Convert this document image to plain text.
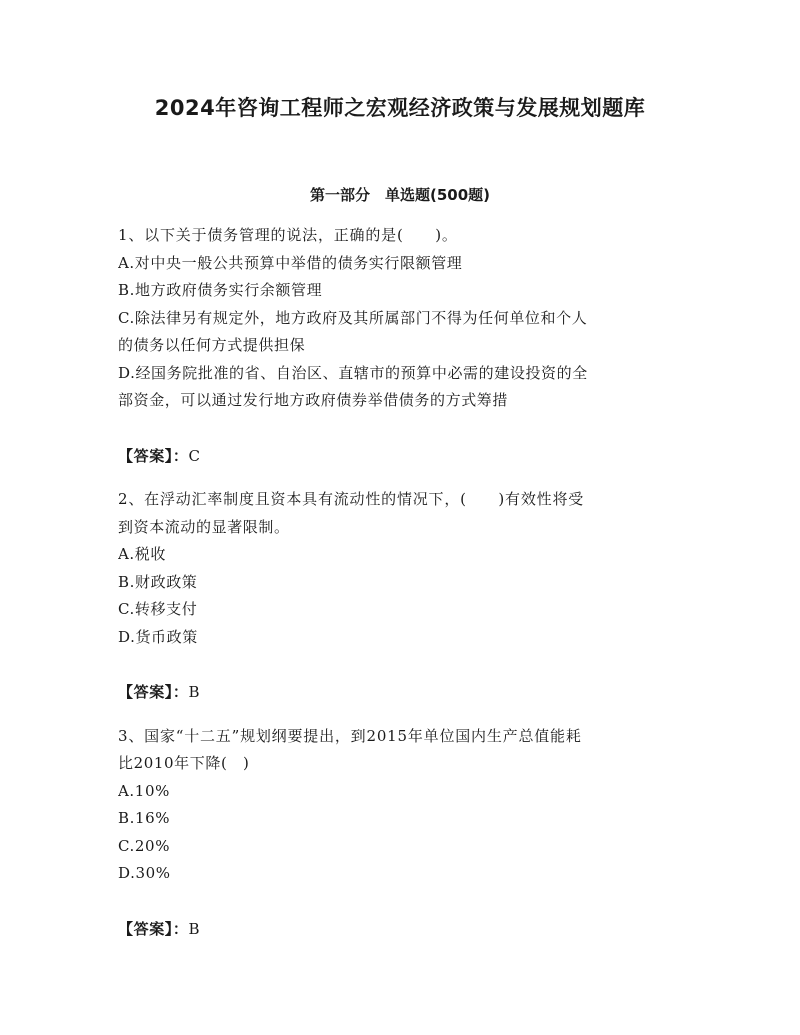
2024年咨询工程师之宏观经济政策与发展规划题库
第一部分　单选题(500题)
1、以下关于债务管理的说法，正确的是(　　)。
A.对中央一般公共预算中举借的债务实行限额管理
B.地方政府债务实行余额管理
C.除法律另有规定外，地方政府及其所属部门不得为任何单位和个人
的债务以任何方式提供担保
D.经国务院批准的省、自治区、直辖市的预算中必需的建设投资的全
部资金，可以通过发行地方政府债券举借债务的方式筹措
【答案】：C
2、在浮动汇率制度且资本具有流动性的情况下，(　　)有效性将受
到资本流动的显著限制。
A.税收
B.财政政策
C.转移支付
D.货币政策
【答案】：B
3、国家“十二五”规划纲要提出，到2015年单位国内生产总值能耗
比2010年下降(　)
A.10%
B.16%
C.20%
D.30%
【答案】：B
